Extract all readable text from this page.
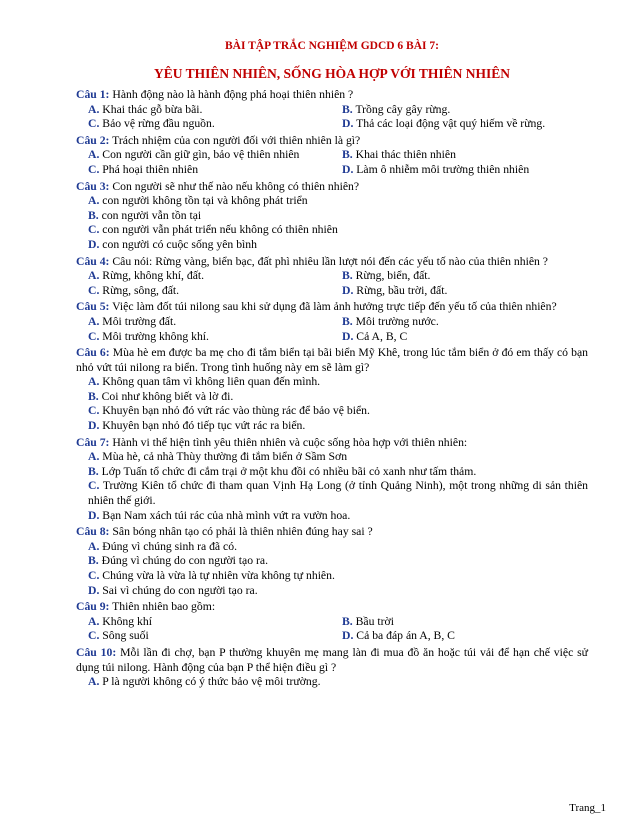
BÀI TẬP TRẮC NGHIỆM GDCD 6 BÀI 7:
YÊU THIÊN NHIÊN, SỐNG HÒA HỢP VỚI THIÊN NHIÊN
Câu 1: Hành động nào là hành động phá hoại thiên nhiên ?
A. Khai thác gỗ bừa bãi.	B. Trồng cây gây rừng.
C. Bảo vệ rừng đầu nguồn.	D. Thả các loại động vật quý hiếm về rừng.
Câu 2: Trách nhiệm của con người đối với thiên nhiên là gì?
A. Con người cần giữ gìn, bảo vệ thiên nhiên	B. Khai thác thiên nhiên
C. Phá hoại thiên nhiên	D. Làm ô nhiễm môi trường thiên nhiên
Câu 3: Con người sẽ như thế nào nếu không có thiên nhiên?
A. con người không tồn tại và không phát triển
B. con người vẫn tồn tại
C. con người vẫn phát triển nếu không có thiên nhiên
D. con người có cuộc sống yên bình
Câu 4: Câu nói: Rừng vàng, biển bạc, đất phì nhiêu lần lượt nói đến các yếu tố nào của thiên nhiên ?
A. Rừng, không khí, đất.	B. Rừng, biển, đất.
C. Rừng, sông, đất.	D. Rừng, bầu trời, đất.
Câu 5: Việc làm đốt túi nilong sau khi sử dụng đã làm ảnh hưởng trực tiếp đến yếu tố của thiên nhiên?
A. Môi trường đất.	B. Môi trường nước.
C. Môi trường không khí.	D. Cả A, B, C
Câu 6: Mùa hè em được ba mẹ cho đi tắm biển tại bãi biển Mỹ Khê, trong lúc tắm biển ở đó em thấy có bạn nhỏ vứt túi nilong ra biển. Trong tình huống này em sẽ làm gì?
A. Không quan tâm vì không liên quan đến mình.
B. Coi như không biết và lờ đi.
C. Khuyên bạn nhỏ đó vứt rác vào thùng rác để bảo vệ biển.
D. Khuyên bạn nhỏ đó tiếp tục vứt rác ra biển.
Câu 7: Hành vi thể hiện tình yêu thiên nhiên và cuộc sống hòa hợp với thiên nhiên:
A. Mùa hè, cả nhà Thùy thường đi tắm biển ở Sầm Sơn
B. Lớp Tuấn tổ chức đi cắm trại ở một khu đồi có nhiều bãi cỏ xanh như tấm thảm.
C. Trường Kiên tổ chức đi tham quan Vịnh Hạ Long (ở tỉnh Quảng Ninh), một trong những di sản thiên nhiên thế giới.
D. Bạn Nam xách túi rác của nhà mình vứt ra vườn hoa.
Câu 8: Sân bóng nhân tạo có phải là thiên nhiên đúng hay sai ?
A. Đúng vì chúng sinh ra đã có.
B. Đúng vì chúng do con người tạo ra.
C. Chúng vừa là vừa là tự nhiên vừa không tự nhiên.
D. Sai vì chúng do con người tạo ra.
Câu 9: Thiên nhiên bao gồm:
A. Không khí	B. Bầu trời
C. Sông suối	D. Cả ba đáp án A, B, C
Câu 10: Mỗi lần đi chợ, bạn P thường khuyên mẹ mang làn đi mua đồ ăn hoặc túi vải để hạn chế việc sử dụng túi nilong. Hành động của bạn P thể hiện điều gì ?
A. P là người không có ý thức bảo vệ môi trường.
Trang_1
